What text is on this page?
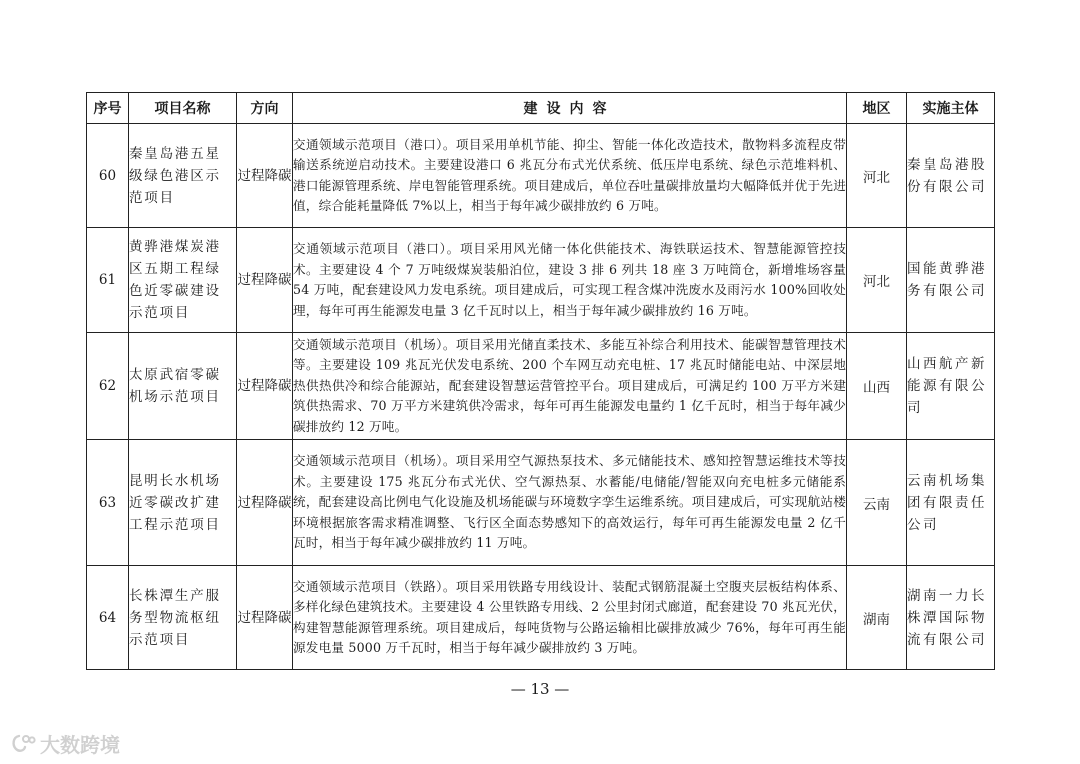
序号	项目名称	方向	建设内容	地区	实施主体
60	秦皇岛港五星级绿色港区示范项目	过程降碳	交通领域示范项目（港口）。项目采用单机节能、抑尘、智能一体化改造技术，散物料多流程皮带输送系统逆启动技术。主要建设港口 6 兆瓦分布式光伏系统、低压岸电系统、绿色示范堆料机、港口能源管理系统、岸电智能管理系统。项目建成后，单位吞吐量碳排放量均大幅降低并优于先进值，综合能耗量降低 7%以上，相当于每年减少碳排放约 6 万吨。	河北	秦皇岛港股份有限公司
61	黄骅港煤炭港区五期工程绿色近零碳建设示范项目	过程降碳	交通领域示范项目（港口）。项目采用风光储一体化供能技术、海铁联运技术、智慧能源管控技术。主要建设 4 个 7 万吨级煤炭装船泊位，建设 3 排 6 列共 18 座 3 万吨筒仓，新增堆场容量 54 万吨，配套建设风力发电系统。项目建成后，可实现工程含煤冲洗废水及雨污水 100%回收处理，每年可再生能源发电量 3 亿千瓦时以上，相当于每年减少碳排放约 16 万吨。	河北	国能黄骅港务有限公司
62	太原武宿零碳机场示范项目	过程降碳	交通领域示范项目（机场）。项目采用光储直柔技术、多能互补综合利用技术、能碳智慧管理技术等。主要建设 109 兆瓦光伏发电系统、200 个车网互动充电桩、17 兆瓦时储能电站、中深层地热供热供冷和综合能源站，配套建设智慧运营管控平台。项目建成后，可满足约 100 万平方米建筑供热需求、70 万平方米建筑供冷需求，每年可再生能源发电量约 1 亿千瓦时，相当于每年减少碳排放约 12 万吨。	山西	山西航产新能源有限公司
63	昆明长水机场近零碳改扩建工程示范项目	过程降碳	交通领域示范项目（机场）。项目采用空气源热泵技术、多元储能技术、感知控智慧运维技术等技术。主要建设 175 兆瓦分布式光伏、空气源热泵、水蓄能/电储能/智能双向充电桩多元储能系统，配套建设高比例电气化设施及机场能碳与环境数字孪生运维系统。项目建成后，可实现航站楼环境根据旅客需求精准调整、飞行区全面态势感知下的高效运行，每年可再生能源发电量 2 亿千瓦时，相当于每年减少碳排放约 11 万吨。	云南	云南机场集团有限责任公司
64	长株潭生产服务型物流枢纽示范项目	过程降碳	交通领域示范项目（铁路）。项目采用铁路专用线设计、装配式钢筋混凝土空腹夹层板结构体系、多样化绿色建筑技术。主要建设 4 公里铁路专用线、2 公里封闭式廊道，配套建设 70 兆瓦光伏，构建智慧能源管理系统。项目建成后，每吨货物与公路运输相比碳排放减少 76%，每年可再生能源发电量 5000 万千瓦时，相当于每年减少碳排放约 3 万吨。	湖南	湖南一力长株潭国际物流有限公司
— 13 —
大数跨境
